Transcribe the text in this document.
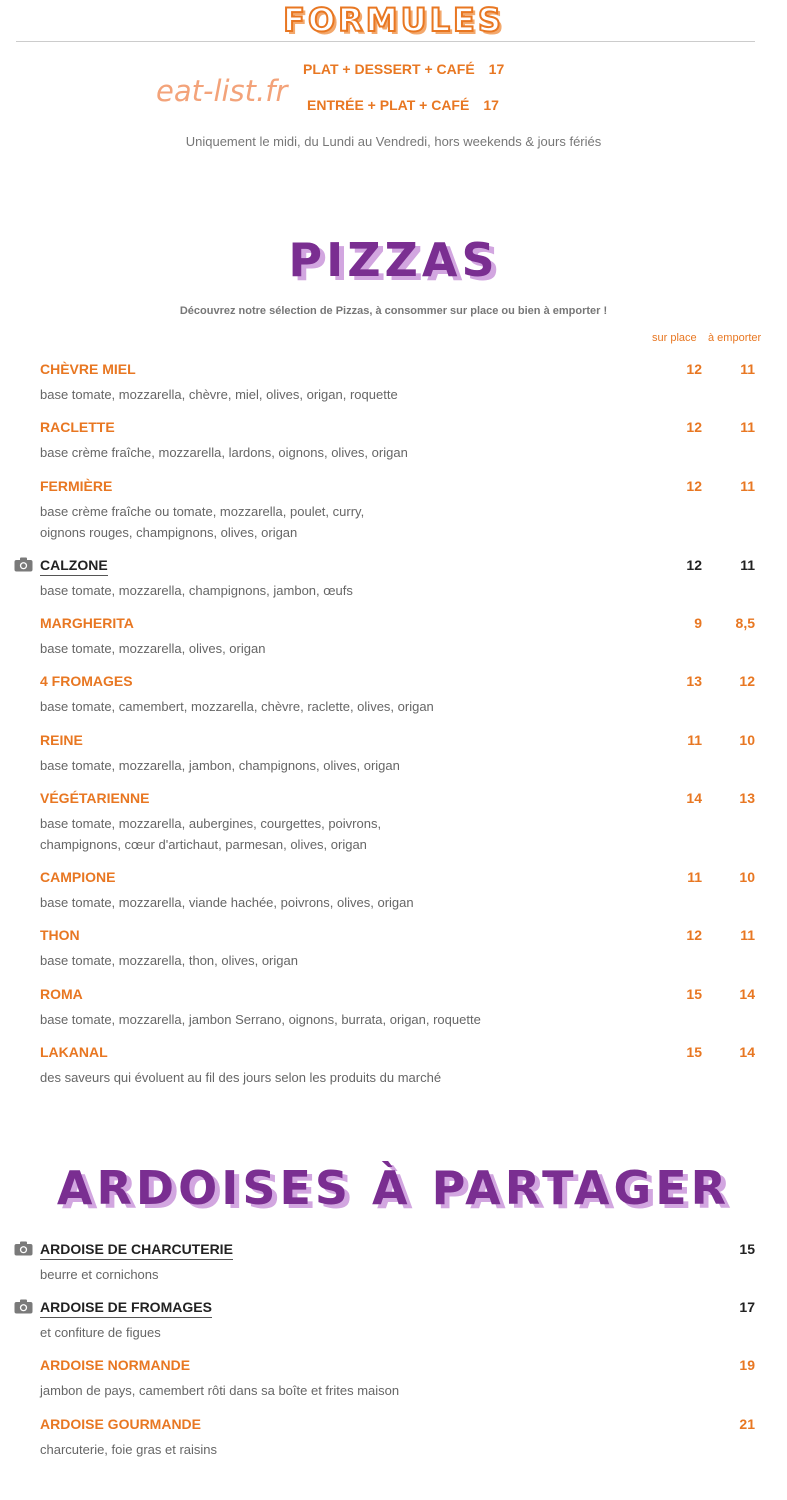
FORMULES
eat-list.fr
PLAT + DESSERT + CAFÉ 17
ENTRÉE + PLAT + CAFÉ 17
Uniquement le midi, du Lundi au Vendredi, hors weekends & jours fériés
PIZZAS
Découvrez notre sélection de Pizzas, à consommer sur place ou bien à emporter !
sur place à emporter
CHÈVRE MIEL
base tomate, mozzarella, chèvre, miel, olives, origan, roquette
12	11
RACLETTE
base crème fraîche, mozzarella, lardons, oignons, olives, origan
12	11
FERMIÈRE
base crème fraîche ou tomate, mozzarella, poulet, curry,
oignons rouges, champignons, olives, origan
12	11
CALZONE
base tomate, mozzarella, champignons, jambon, œufs
12	11
MARGHERITA
base tomate, mozzarella, olives, origan
9	8,5
4 FROMAGES
base tomate, camembert, mozzarella, chèvre, raclette, olives, origan
13	12
REINE
base tomate, mozzarella, jambon, champignons, olives, origan
11	10
VÉGÉTARIENNE
base tomate, mozzarella, aubergines, courgettes, poivrons,
champignons, cœur d'artichaut, parmesan, olives, origan
14	13
CAMPIONE
base tomate, mozzarella, viande hachée, poivrons, olives, origan
11	10
THON
base tomate, mozzarella, thon, olives, origan
12	11
ROMA
base tomate, mozzarella, jambon Serrano, oignons, burrata, origan, roquette
15	14
LAKANAL
des saveurs qui évoluent au fil des jours selon les produits du marché
15	14
ARDOISES À PARTAGER
ARDOISE DE CHARCUTERIE
beurre et cornichons
15
ARDOISE DE FROMAGES
et confiture de figues
17
ARDOISE NORMANDE
jambon de pays, camembert rôti dans sa boîte et frites maison
19
ARDOISE GOURMANDE
charcuterie, foie gras et raisins
21
